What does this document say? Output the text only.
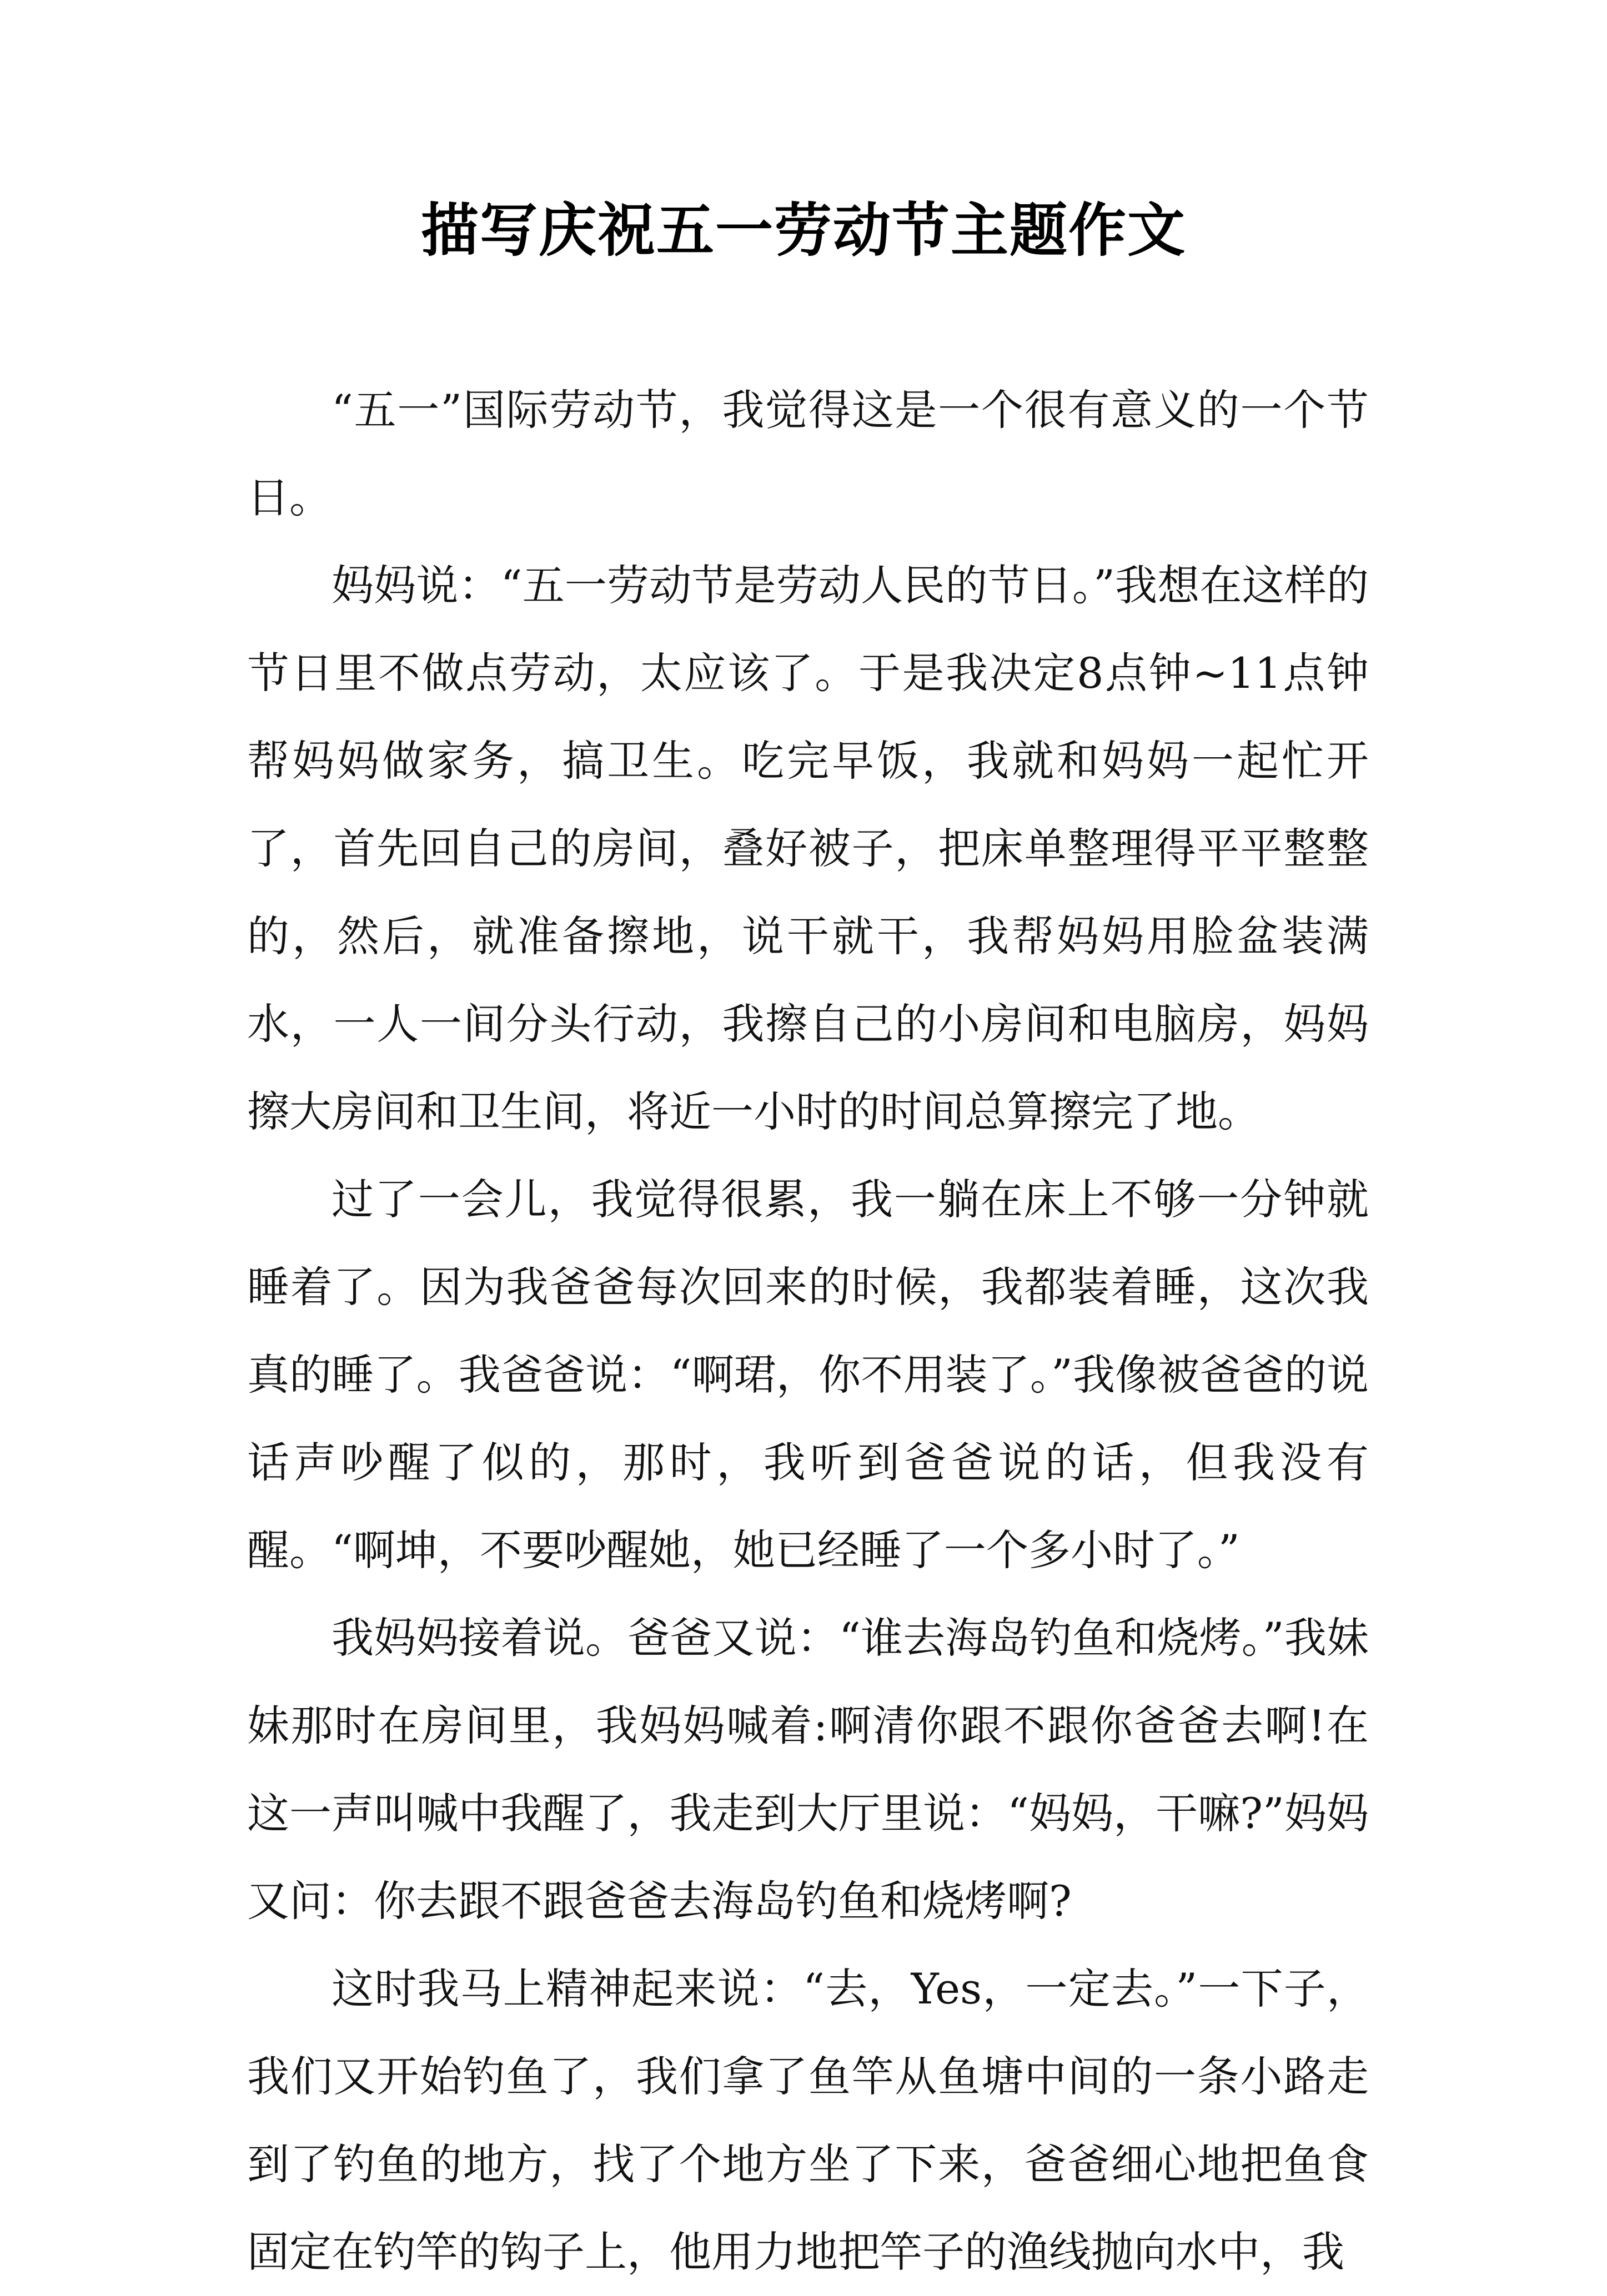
描写庆祝五一劳动节主题作文

“五一”国际劳动节，我觉得这是一个很有意义的一个节日。

妈妈说：“五一劳动节是劳动人民的节日。”我想在这样的节日里不做点劳动，太应该了。于是我决定8点钟~11点钟帮妈妈做家务，搞卫生。吃完早饭，我就和妈妈一起忙开了，首先回自己的房间，叠好被子，把床单整理得平平整整的，然后，就准备擦地，说干就干，我帮妈妈用脸盆装满水，一人一间分头行动，我擦自己的小房间和电脑房，妈妈擦大房间和卫生间，将近一小时的时间总算擦完了地。

过了一会儿，我觉得很累，我一躺在床上不够一分钟就睡着了。因为我爸爸每次回来的时候，我都装着睡，这次我真的睡了。我爸爸说：“啊珺，你不用装了。”我像被爸爸的说话声吵醒了似的，那时，我听到爸爸说的话，但我没有醒。“啊坤，不要吵醒她，她已经睡了一个多小时了。”

我妈妈接着说。爸爸又说：“谁去海岛钓鱼和烧烤。”我妹妹那时在房间里，我妈妈喊着:啊清你跟不跟你爸爸去啊!在这一声叫喊中我醒了，我走到大厅里说：“妈妈，干嘛?”妈妈又问：你去跟不跟爸爸去海岛钓鱼和烧烤啊?

这时我马上精神起来说：“去，Yes，一定去。”一下子，我们又开始钓鱼了，我们拿了鱼竿从鱼塘中间的一条小路走到了钓鱼的地方，找了个地方坐了下来，爸爸细心地把鱼食固定在钓竿的钩子上，他用力地把竿子的渔线抛向水中，我
